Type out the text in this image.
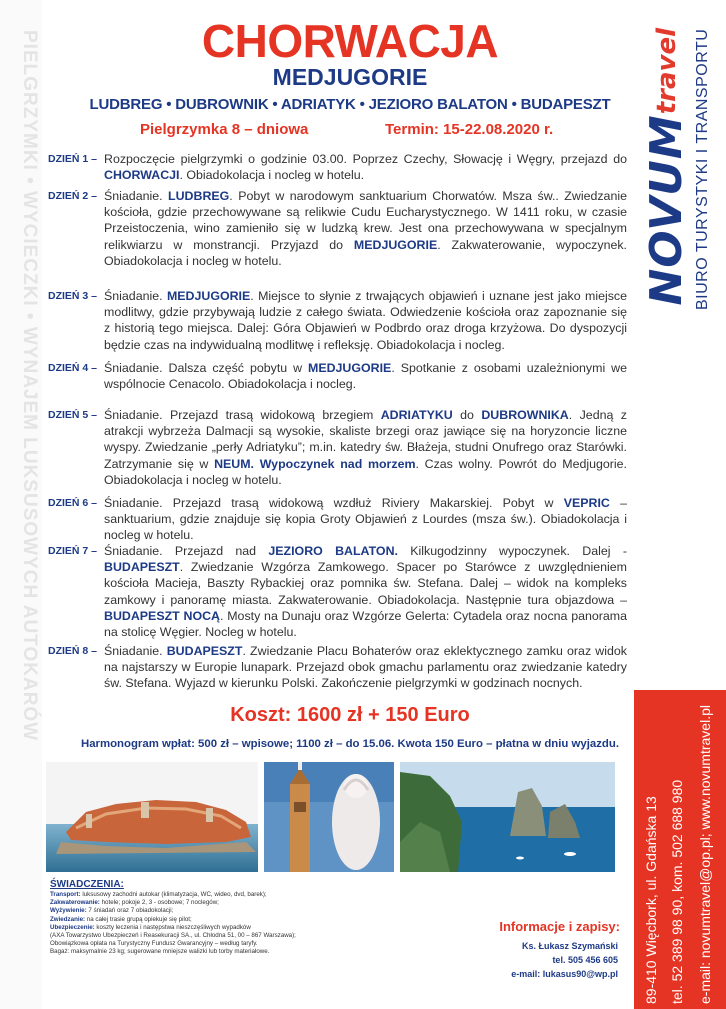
PIELGRZYMKI • WYCIECZKI • WYNAJEM LUKSUSOWYCH AUTOKARÓW	NOVUMtravel BIURO TURYSTYKI I TRANSPORTU
89-410 Więcbork, ul. Gdańska 13 tel. 52 389 98 90, kom. 502 688 980 e-mail: novumtravel@op.pl; www.novumtravel.pl
CHORWACJA
MEDJUGORIE
LUDBREG • DUBROWNIK • ADRIATYK • JEZIORO BALATON • BUDAPESZT
Pielgrzymka 8 – dniowa	Termin: 15-22.08.2020 r.
DZIEŃ 1 – Rozpoczęcie pielgrzymki o godzinie 03.00. Poprzez Czechy, Słowację i Węgry, przejazd do CHORWACJI. Obiadokolacja i nocleg w hotelu.
DZIEŃ 2 – Śniadanie. LUDBREG. Pobyt w narodowym sanktuarium Chorwatów. Msza św.. Zwiedzanie kościoła, gdzie przechowywane są relikwie Cudu Eucharystycznego. W 1411 roku, w czasie Przeistoczenia, wino zamieniło się w ludzką krew. Jest ona przechowywana w specjalnym relikwiarzu w monstrancji. Przyjazd do MEDJUGORIE. Zakwaterowanie, wypoczynek. Obiadokolacja i nocleg w hotelu.
DZIEŃ 3 – Śniadanie. MEDJUGORIE. Miejsce to słynie z trwających objawień i uznane jest jako miejsce modlitwy, gdzie przybywają ludzie z całego świata. Odwiedzenie kościoła oraz zapoznanie się z historią tego miejsca. Dalej: Góra Objawień w Podbrdo oraz droga krzyżowa. Do dyspozycji będzie czas na indywidualną modlitwę i refleksję. Obiadokolacja i nocleg.
DZIEŃ 4 – Śniadanie. Dalsza część pobytu w MEDJUGORIE. Spotkanie z osobami uzależnionymi we wspólnocie Cenacolo. Obiadokolacja i nocleg.
DZIEŃ 5 – Śniadanie. Przejazd trasą widokową brzegiem ADRIATYKU do DUBROWNIKA. Jedną z atrakcji wybrzeża Dalmacji są wysokie, skaliste brzegi oraz jawiące się na horyzoncie liczne wyspy. Zwiedzanie „perły Adriatyku”; m.in. katedry św. Błażeja, studni Onufrego oraz Starówki. Zatrzymanie się w NEUM. Wypoczynek nad morzem. Czas wolny. Powrót do Medjugorie. Obiadokolacja i nocleg w hotelu.
DZIEŃ 6 – Śniadanie. Przejazd trasą widokową wzdłuż Riviery Makarskiej. Pobyt w VEPRIC – sanktuarium, gdzie znajduje się kopia Groty Objawień z Lourdes (msza św.). Obiadokolacja i nocleg w hotelu.
DZIEŃ 7 – Śniadanie. Przejazd nad JEZIORO BALATON. Kilkugodzinny wypoczynek. Dalej - BUDAPESZT. Zwiedzanie Wzgórza Zamkowego. Spacer po Starówce z uwzględnieniem kościoła Macieja, Baszty Rybackiej oraz pomnika św. Stefana. Dalej – widok na kompleks zamkowy i panoramę miasta. Zakwaterowanie. Obiadokolacja. Następnie tura objazdowa – BUDAPESZT NOCĄ. Mosty na Dunaju oraz Wzgórze Gelerta: Cytadela oraz nocna panorama na stolicę Węgier. Nocleg w hotelu.
DZIEŃ 8 – Śniadanie. BUDAPESZT. Zwiedzanie Placu Bohaterów oraz eklektycznego zamku oraz widok na najstarszy w Europie lunapark. Przejazd obok gmachu parlamentu oraz zwiedzanie katedry św. Stefana. Wyjazd w kierunku Polski. Zakończenie pielgrzymki w godzinach nocnych.
Koszt: 1600 zł + 150 Euro
Harmonogram wpłat: 500 zł – wpisowe; 1100 zł – do 15.06. Kwota 150 Euro – płatna w dniu wyjazdu.
ŚWIADCZENIA:
Transport: luksusowy zachodni autokar (klimatyzacja, WC, wideo, dvd, barek);
Zakwaterowanie: hotele; pokoje 2, 3 - osobowe; 7 noclegów;
Wyżywienie: 7 śniadań oraz 7 obiadokolacji;
Zwiedzanie: na całej trasie grupą opiekuje się pilot;
Ubezpieczenie: koszty leczenia i następstwa nieszczęśliwych wypadków
(AXA Towarzystwo Ubezpieczeń i Reasekuracji SA., ul. Chłodna 51, 00 – 867 Warszawa);
Obowiązkowa opłata na Turystyczny Fundusz Gwarancyjny – według taryfy.
Bagaż: maksymalnie 23 kg; sugerowane mniejsze walizki lub torby materiałowe.
Informacje i zapisy:
Ks. Łukasz Szymański
tel. 505 456 605
e-mail: lukasus90@wp.pl
